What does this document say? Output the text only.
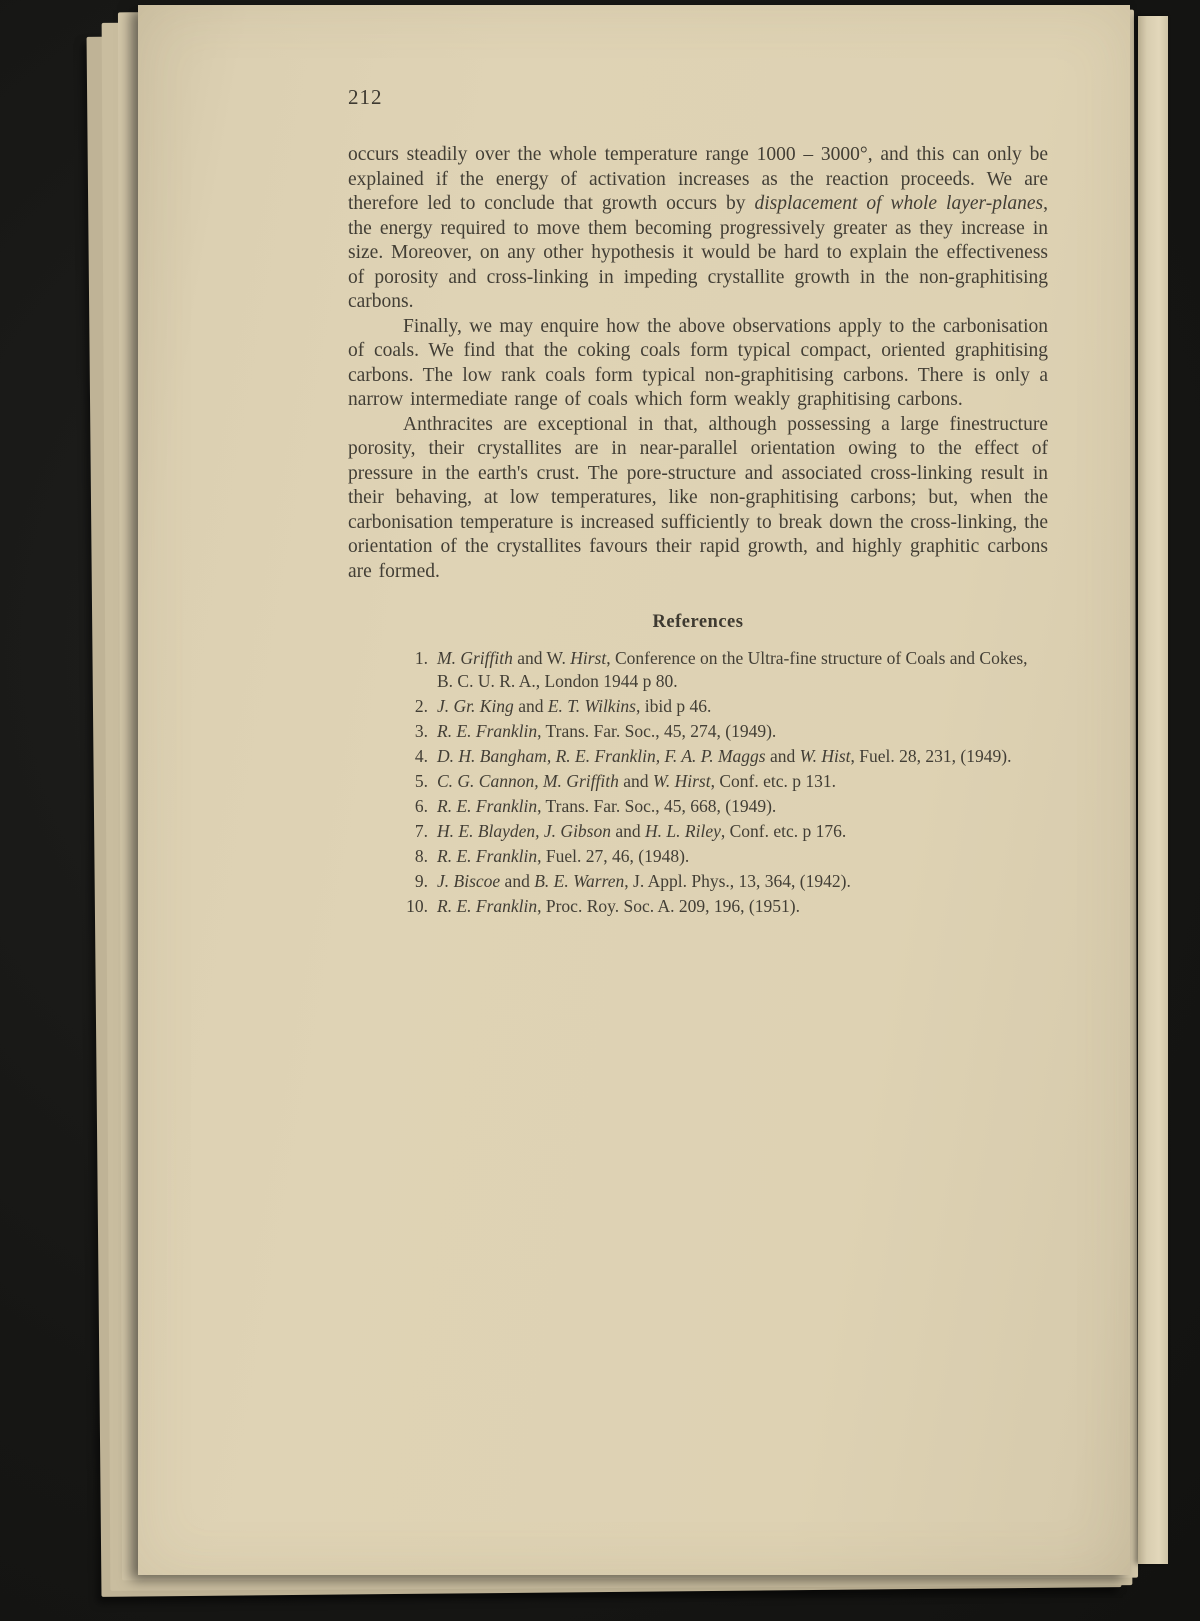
212

occurs steadily over the whole temperature range 1000 – 3000°, and this can only be explained if the energy of activation increases as the reaction proceeds. We are therefore led to conclude that growth occurs by displacement of whole layer-planes, the energy required to move them becoming progressively greater as they increase in size. Moreover, on any other hypothesis it would be hard to explain the effectiveness of porosity and cross-linking in impeding crystallite growth in the non-graphitising carbons.

Finally, we may enquire how the above observations apply to the carbonisation of coals. We find that the coking coals form typical compact, oriented graphitising carbons. The low rank coals form typical non-graphitising carbons. There is only a narrow intermediate range of coals which form weakly graphitising carbons.

Anthracites are exceptional in that, although possessing a large finestructure porosity, their crystallites are in near-parallel orientation owing to the effect of pressure in the earth's crust. The pore-structure and associated cross-linking result in their behaving, at low temperatures, like non-graphitising carbons; but, when the carbonisation temperature is increased sufficiently to break down the cross-linking, the orientation of the crystallites favours their rapid growth, and highly graphitic carbons are formed.

References
1. M. Griffith and W. Hirst, Conference on the Ultra-fine structure of Coals and Cokes, B. C. U. R. A., London 1944 p 80.
2. J. Gr. King and E. T. Wilkins, ibid p 46.
3. R. E. Franklin, Trans. Far. Soc., 45, 274, (1949).
4. D. H. Bangham, R. E. Franklin, F. A. P. Maggs and W. Hist, Fuel. 28, 231, (1949).
5. C. G. Cannon, M. Griffith and W. Hirst, Conf. etc. p 131.
6. R. E. Franklin, Trans. Far. Soc., 45, 668, (1949).
7. H. E. Blayden, J. Gibson and H. L. Riley, Conf. etc. p 176.
8. R. E. Franklin, Fuel. 27, 46, (1948).
9. J. Biscoe and B. E. Warren, J. Appl. Phys., 13, 364, (1942).
10. R. E. Franklin, Proc. Roy. Soc. A. 209, 196, (1951).
